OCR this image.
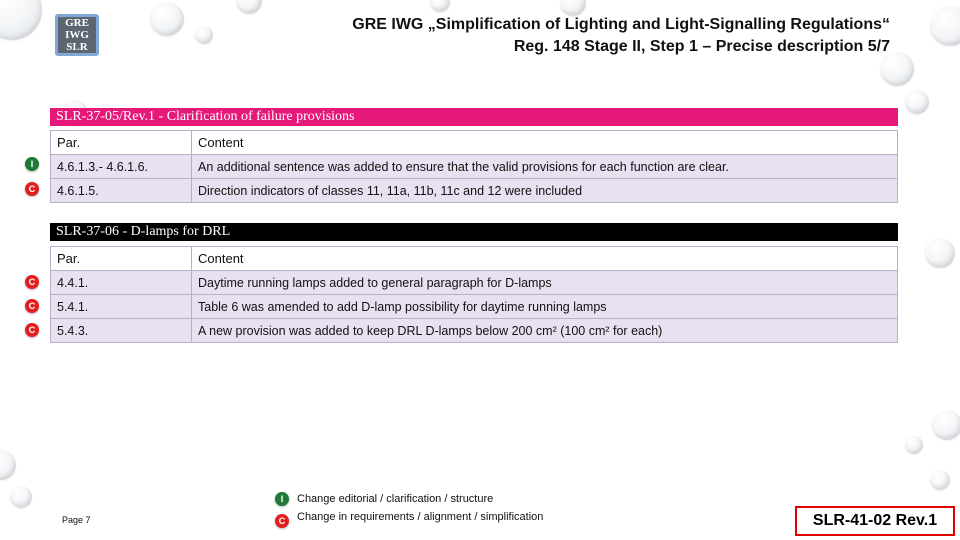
GRE
IWG
SLR
GRE IWG „Simplification of Lighting and Light-Signalling Regulations“
Reg. 148 Stage II, Step 1 – Precise description 5/7
SLR-37-05/Rev.1 - Clarification of failure provisions
Par.	Content
4.6.1.3.- 4.6.1.6.	An additional sentence was added to ensure that the valid provisions for each function are clear.
4.6.1.5.	Direction indicators of classes 11, 11a, 11b, 11c and 12 were included
I
C
SLR-37-06 - D-lamps for DRL
Par.	Content
4.4.1.	Daytime running lamps added to general paragraph for D-lamps
5.4.1.	Table 6 was amended to add D-lamp possibility for daytime running lamps
5.4.3.	A new provision was added to keep DRL D-lamps below 200 cm² (100 cm² for each)
C
C
C
I	Change editorial / clarification / structure
C	Change in requirements / alignment / simplification
Page 7	SLR-41-02 Rev.1
